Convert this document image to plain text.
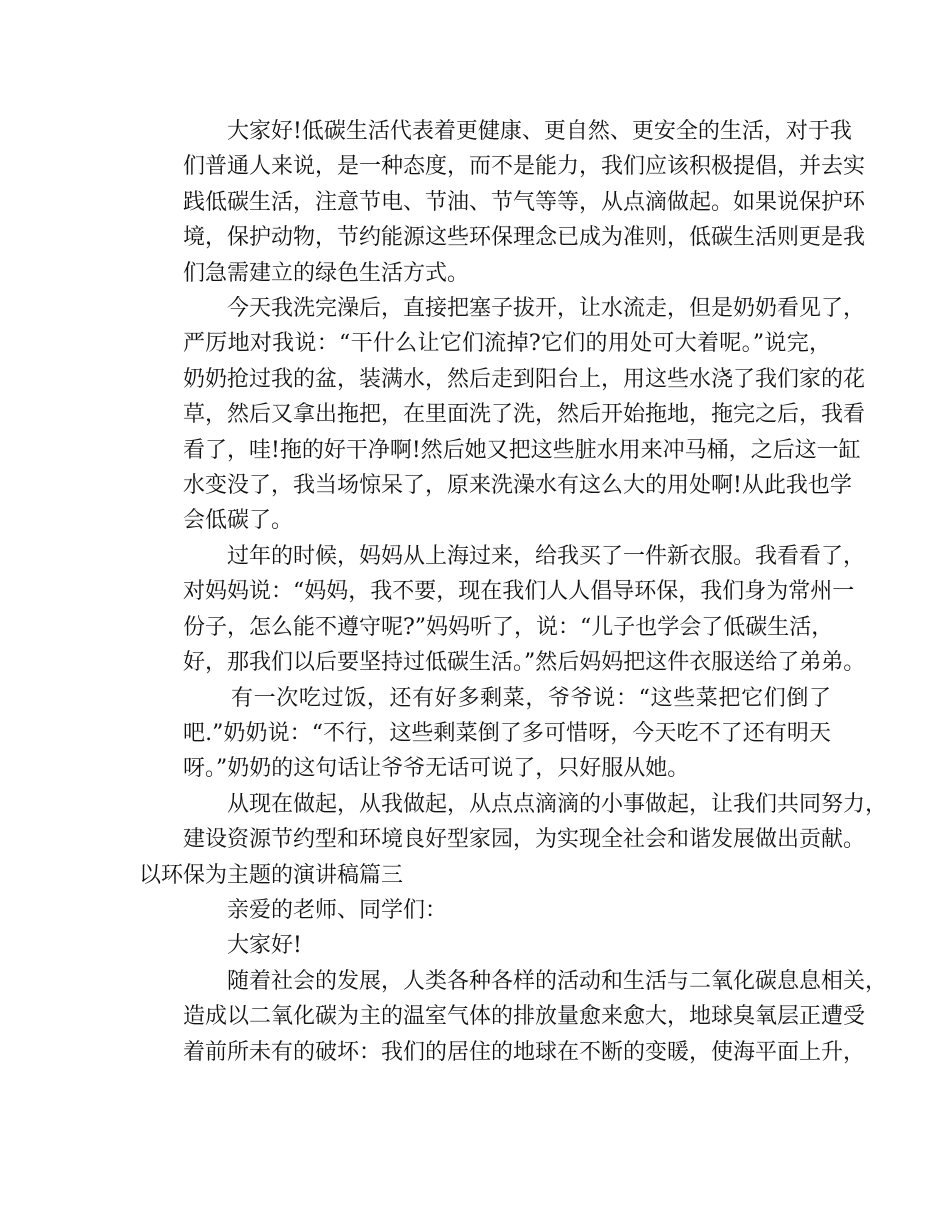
大家好!低碳生活代表着更健康、更自然、更安全的生活，对于我
们普通人来说，是一种态度，而不是能力，我们应该积极提倡，并去实
践低碳生活，注意节电、节油、节气等等，从点滴做起。如果说保护环
境，保护动物，节约能源这些环保理念已成为准则，低碳生活则更是我
们急需建立的绿色生活方式。
今天我洗完澡后，直接把塞子拔开，让水流走，但是奶奶看见了，
严厉地对我说：“干什么让它们流掉?它们的用处可大着呢。”说完，
奶奶抢过我的盆，装满水，然后走到阳台上，用这些水浇了我们家的花
草，然后又拿出拖把，在里面洗了洗，然后开始拖地，拖完之后，我看
看了，哇!拖的好干净啊!然后她又把这些脏水用来冲马桶，之后这一缸
水变没了，我当场惊呆了，原来洗澡水有这么大的用处啊!从此我也学
会低碳了。
过年的时候，妈妈从上海过来，给我买了一件新衣服。我看看了，
对妈妈说：“妈妈，我不要，现在我们人人倡导环保，我们身为常州一
份子，怎么能不遵守呢?”妈妈听了，说：“儿子也学会了低碳生活，
好，那我们以后要坚持过低碳生活。”然后妈妈把这件衣服送给了弟弟。
有一次吃过饭，还有好多剩菜，爷爷说：“这些菜把它们倒了
吧.”奶奶说：“不行，这些剩菜倒了多可惜呀，今天吃不了还有明天
呀。”奶奶的这句话让爷爷无话可说了，只好服从她。
从现在做起，从我做起，从点点滴滴的小事做起，让我们共同努力，
建设资源节约型和环境良好型家园，为实现全社会和谐发展做出贡献。
以环保为主题的演讲稿篇三
亲爱的老师、同学们：
大家好!
随着社会的发展，人类各种各样的活动和生活与二氧化碳息息相关，
造成以二氧化碳为主的温室气体的排放量愈来愈大，地球臭氧层正遭受
着前所未有的破坏：我们的居住的地球在不断的变暖，使海平面上升，
